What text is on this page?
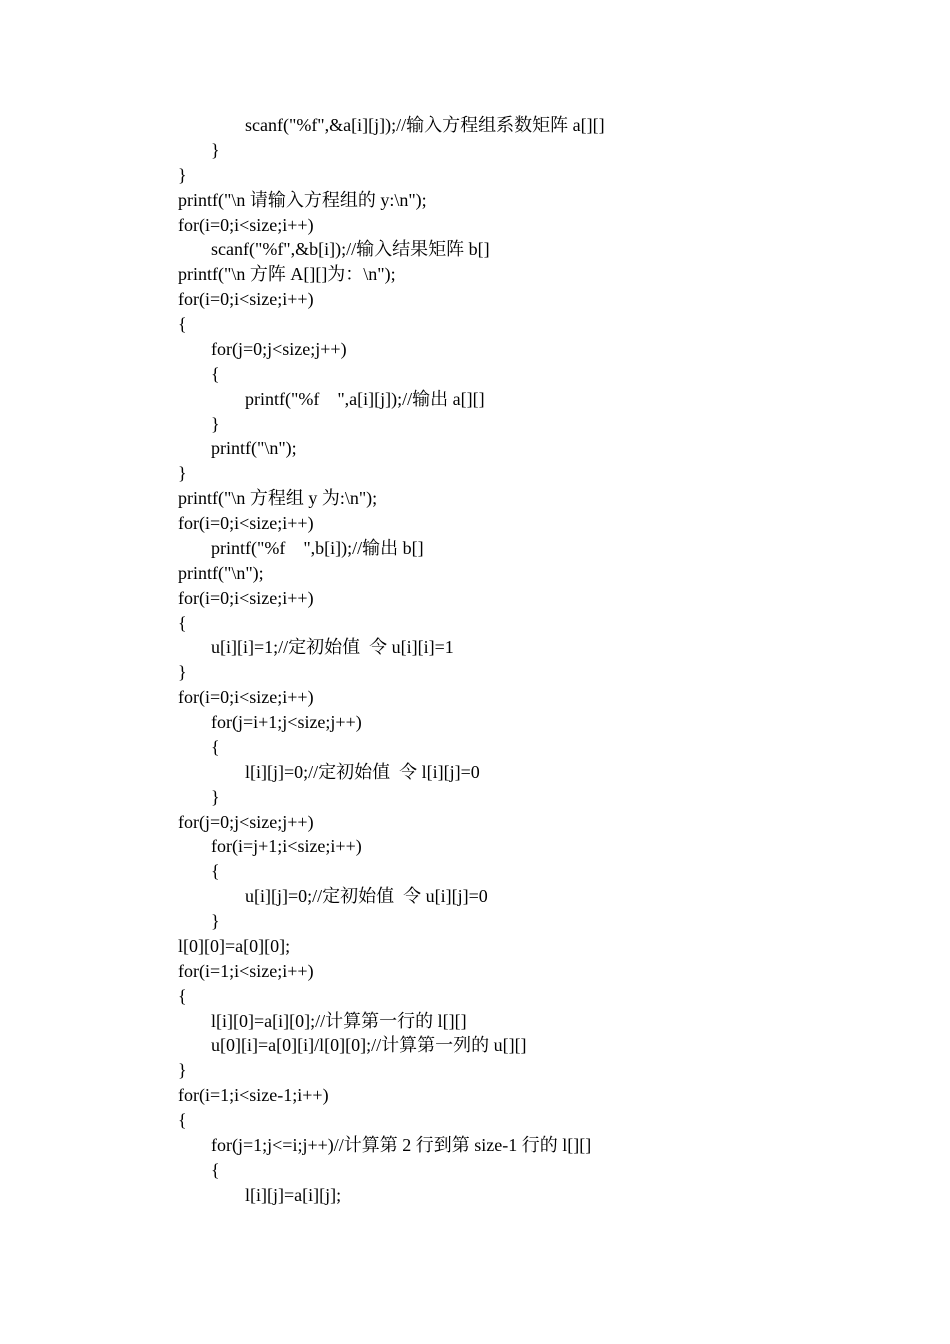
scanf("%f",&a[i][j]);//输入方程组系数矩阵 a[][]
}
}
printf("\n 请输入方程组的 y:\n");
for(i=0;i<size;i++)
scanf("%f",&b[i]);//输入结果矩阵 b[]
printf("\n 方阵 A[][]为：\n");
for(i=0;i<size;i++)
{
for(j=0;j<size;j++)
{
printf("%f    ",a[i][j]);//输出 a[][]
}
printf("\n");
}
printf("\n 方程组 y 为:\n");
for(i=0;i<size;i++)
printf("%f    ",b[i]);//输出 b[]
printf("\n");
for(i=0;i<size;i++)
{
u[i][i]=1;//定初始值  令 u[i][i]=1
}
for(i=0;i<size;i++)
for(j=i+1;j<size;j++)
{
l[i][j]=0;//定初始值  令 l[i][j]=0
}
for(j=0;j<size;j++)
for(i=j+1;i<size;i++)
{
u[i][j]=0;//定初始值  令 u[i][j]=0
}
l[0][0]=a[0][0];
for(i=1;i<size;i++)
{
l[i][0]=a[i][0];//计算第一行的 l[][]
u[0][i]=a[0][i]/l[0][0];//计算第一列的 u[][]
}
for(i=1;i<size-1;i++)
{
for(j=1;j<=i;j++)//计算第 2 行到第 size-1 行的 l[][]
{
l[i][j]=a[i][j];
